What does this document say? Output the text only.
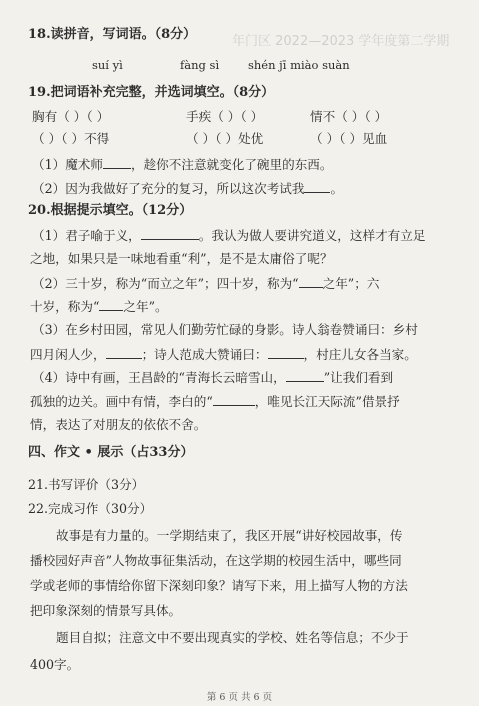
年门区 2022—2023 学年度第二学期
18.读拼音，写词语。（8分）
suí yì	fàng sì	shén jī miào suàn
19.把词语补充完整，并选词填空。（8分）
胸有（ ）（ ）	手疾（ ）（ ）	情不（ ）（ ）
（ ）（ ）不得	（ ）（ ）处优	（ ）（ ）见血
（1）魔术师 ，趁你不注意就变化了碗里的东西。
（2）因为我做好了充分的复习，所以这次考试我 。
20.根据提示填空。（12分）
（1）君子喻于义，	。我认为做人要讲究道义，这样才有立足
之地，如果只是一味地看重“利”，是不是太庸俗了呢？
（2）三十岁，称为“而立之年”；四十岁，称为“ 之年”；六
十岁，称为“ 之年”。
（3）在乡村田园，常见人们勤劳忙碌的身影。诗人翁卷赞诵曰：乡村
四月闲人少，	；诗人范成大赞诵曰：	，村庄儿女各当家。
（4）诗中有画，王昌龄的“青海长云暗雪山，	”让我们看到
孤独的边关。画中有情，李白的“	，唯见长江天际流”借景抒
情，表达了对朋友的依依不舍。
四、作文 • 展示（占33分）
21.书写评价（3分）
22.完成习作（30分）
故事是有力量的。一学期结束了，我区开展“讲好校园故事，传
播校园好声音”人物故事征集活动，在这学期的校园生活中，哪些同
学或老师的事情给你留下深刻印象？请写下来，用上描写人物的方法
把印象深刻的情景写具体。
题目自拟；注意文中不要出现真实的学校、姓名等信息；不少于
400字。
第 6 页 共 6 页
